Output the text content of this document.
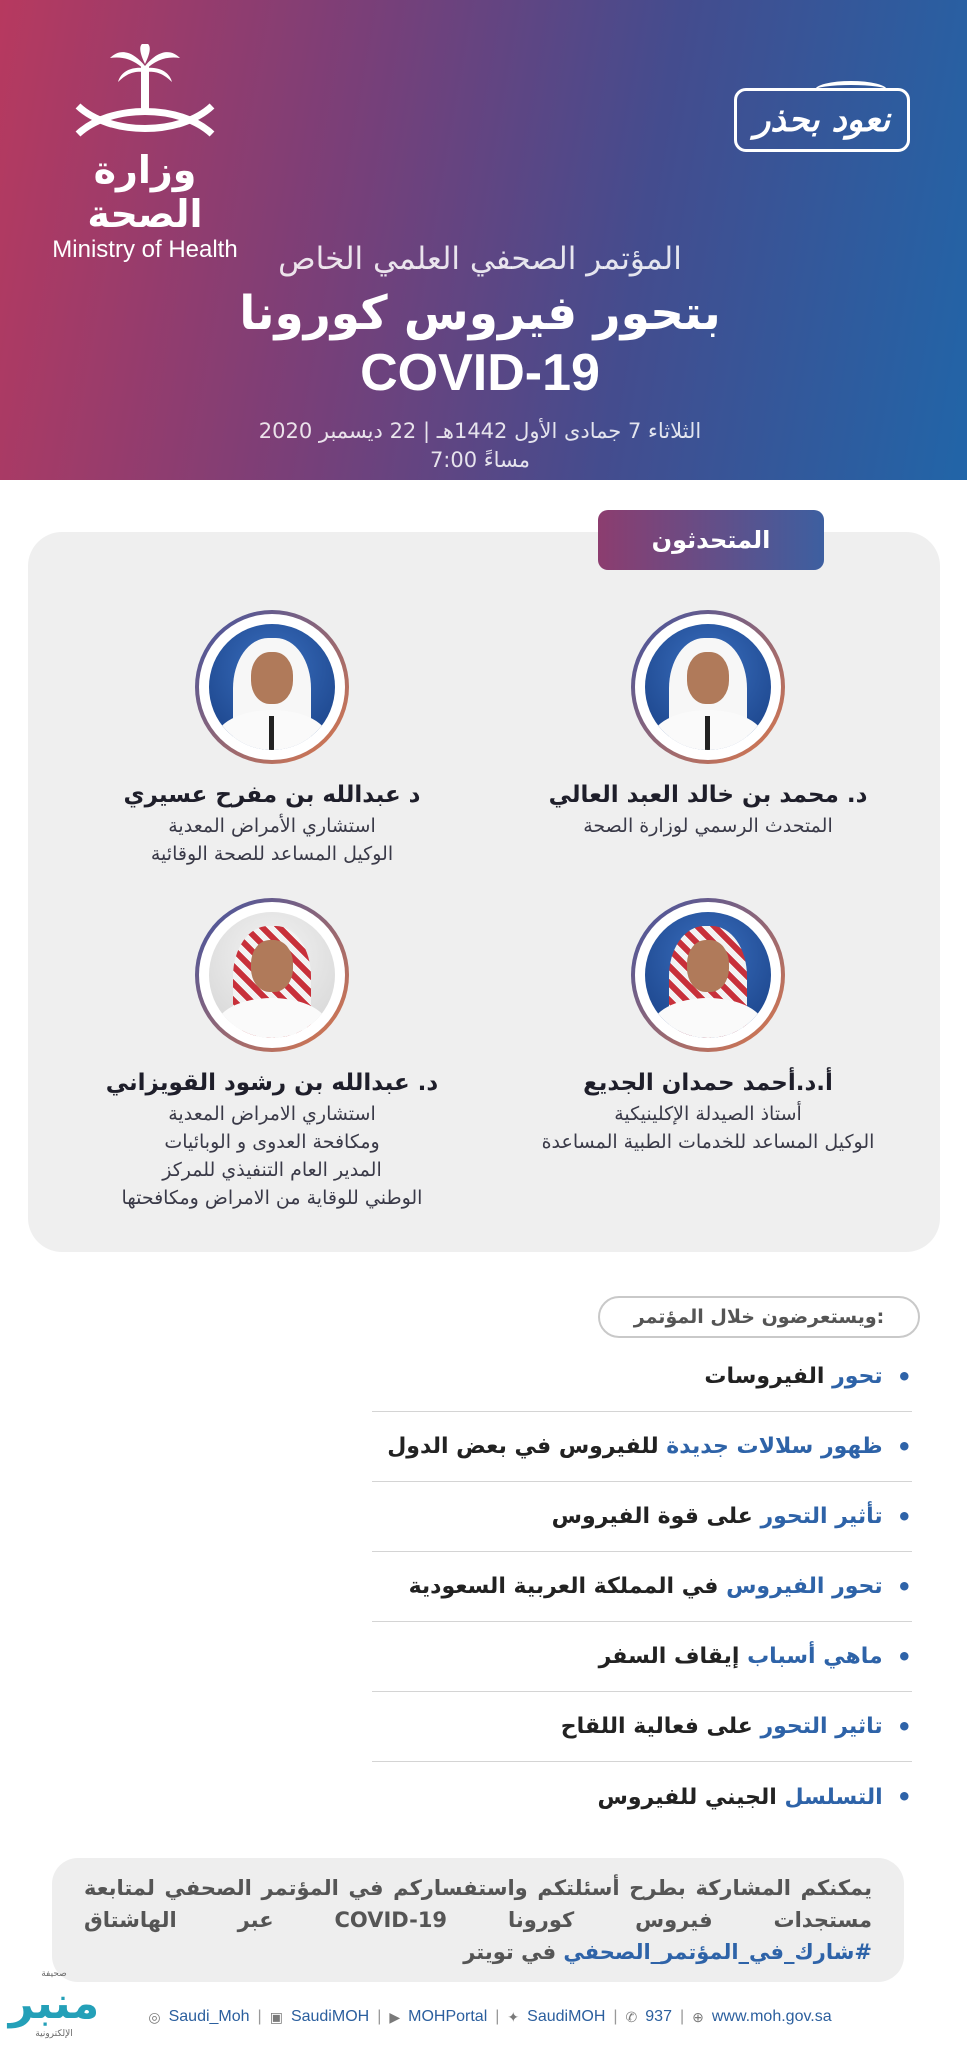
وزارة الصحة
Ministry of Health
نعود بحذر
المؤتمر الصحفي العلمي الخاص
بتحور فيروس كورونا
COVID-19
الثلاثاء 7 جمادى الأول 1442هـ | 22 ديسمبر 2020
7:00 مساءً
المتحدثون
د. محمد بن خالد العبد العالي
المتحدث الرسمي لوزارة الصحة
د عبدالله بن مفرح عسيري
استشاري الأمراض المعدية
الوكيل المساعد للصحة الوقائية
أ.د.أحمد حمدان الجديع
أستاذ الصيدلة الإكلينيكية
الوكيل المساعد للخدمات الطبية المساعدة
د. عبدالله بن رشود القويزاني
استشاري الامراض المعدية
ومكافحة العدوى و الوبائيات
المدير العام التنفيذي للمركز
الوطني للوقاية من الامراض ومكافحتها
ويستعرضون خلال المؤتمر:
الفيروسات
تحور •
للفيروس في بعض الدول
ظهور سلالات جديدة •
على قوة الفيروس
تأثير التحور •
في المملكة العربية السعودية
تحور الفيروس •
إيقاف السفر
ماهي أسباب •
على فعالية اللقاح
تاثير التحور •
الجيني للفيروس
التسلسل •
يمكنكم المشاركة بطرح أسئلتكم واستفساركم في المؤتمر الصحفي لمتابعة مستجدات فيروس كورونا COVID-19 عبر الهاشتاق #شارك_في_المؤتمر_الصحفي في تويتر
◎ Saudi_Moh | ▣ SaudiMOH | ▶ MOHPortal | ✦ SaudiMOH | ✆ 937 | ⊕ www.moh.gov.sa
صحيفة
منبر
الإلكترونية
